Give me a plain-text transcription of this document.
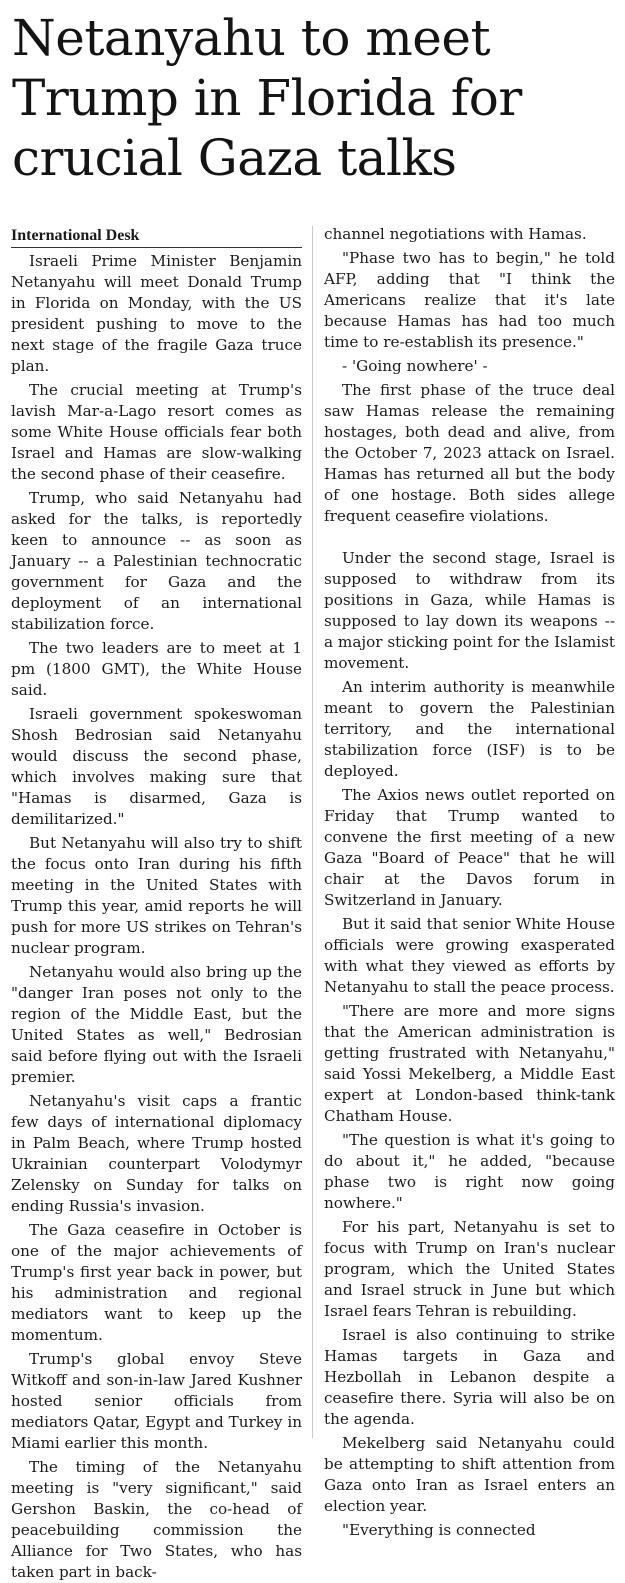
Netanyahu to meet Trump in Florida for crucial Gaza talks
International Desk

Israeli Prime Minister Benjamin Netanyahu will meet Donald Trump in Florida on Monday, with the US president pushing to move to the next stage of the fragile Gaza truce plan.

The crucial meeting at Trump's lavish Mar-a-Lago resort comes as some White House officials fear both Israel and Hamas are slow-walking the second phase of their ceasefire.

Trump, who said Netanyahu had asked for the talks, is reportedly keen to announce -- as soon as January -- a Palestinian technocratic government for Gaza and the deployment of an international stabilization force.

The two leaders are to meet at 1 pm (1800 GMT), the White House said.

Israeli government spokeswoman Shosh Bedrosian said Netanyahu would discuss the second phase, which involves making sure that "Hamas is disarmed, Gaza is demilitarized."

But Netanyahu will also try to shift the focus onto Iran during his fifth meeting in the United States with Trump this year, amid reports he will push for more US strikes on Tehran's nuclear program.

Netanyahu would also bring up the "danger Iran poses not only to the region of the Middle East, but the United States as well," Bedrosian said before flying out with the Israeli premier.

Netanyahu's visit caps a frantic few days of international diplomacy in Palm Beach, where Trump hosted Ukrainian counterpart Volodymyr Zelensky on Sunday for talks on ending Russia's invasion.

The Gaza ceasefire in October is one of the major achievements of Trump's first year back in power, but his administration and regional mediators want to keep up the momentum.

Trump's global envoy Steve Witkoff and son-in-law Jared Kushner hosted senior officials from mediators Qatar, Egypt and Turkey in Miami earlier this month.

The timing of the Netanyahu meeting is "very significant," said Gershon Baskin, the co-head of peacebuilding commission the Alliance for Two States, who has taken part in back-

channel negotiations with Hamas.

"Phase two has to begin," he told AFP, adding that "I think the Americans realize that it's late because Hamas has had too much time to re-establish its presence."

- 'Going nowhere' -

The first phase of the truce deal saw Hamas release the remaining hostages, both dead and alive, from the October 7, 2023 attack on Israel. Hamas has returned all but the body of one hostage. Both sides allege frequent ceasefire violations.

Under the second stage, Israel is supposed to withdraw from its positions in Gaza, while Hamas is supposed to lay down its weapons -- a major sticking point for the Islamist movement.

An interim authority is meanwhile meant to govern the Palestinian territory, and the international stabilization force (ISF) is to be deployed.

The Axios news outlet reported on Friday that Trump wanted to convene the first meeting of a new Gaza "Board of Peace" that he will chair at the Davos forum in Switzerland in January.

But it said that senior White House officials were growing exasperated with what they viewed as efforts by Netanyahu to stall the peace process.

"There are more and more signs that the American administration is getting frustrated with Netanyahu," said Yossi Mekelberg, a Middle East expert at London-based think-tank Chatham House.

"The question is what it's going to do about it," he added, "because phase two is right now going nowhere."

For his part, Netanyahu is set to focus with Trump on Iran's nuclear program, which the United States and Israel struck in June but which Israel fears Tehran is rebuilding.

Israel is also continuing to strike Hamas targets in Gaza and Hezbollah in Lebanon despite a ceasefire there. Syria will also be on the agenda.

Mekelberg said Netanyahu could be attempting to shift attention from Gaza onto Iran as Israel enters an election year.

"Everything is connected
